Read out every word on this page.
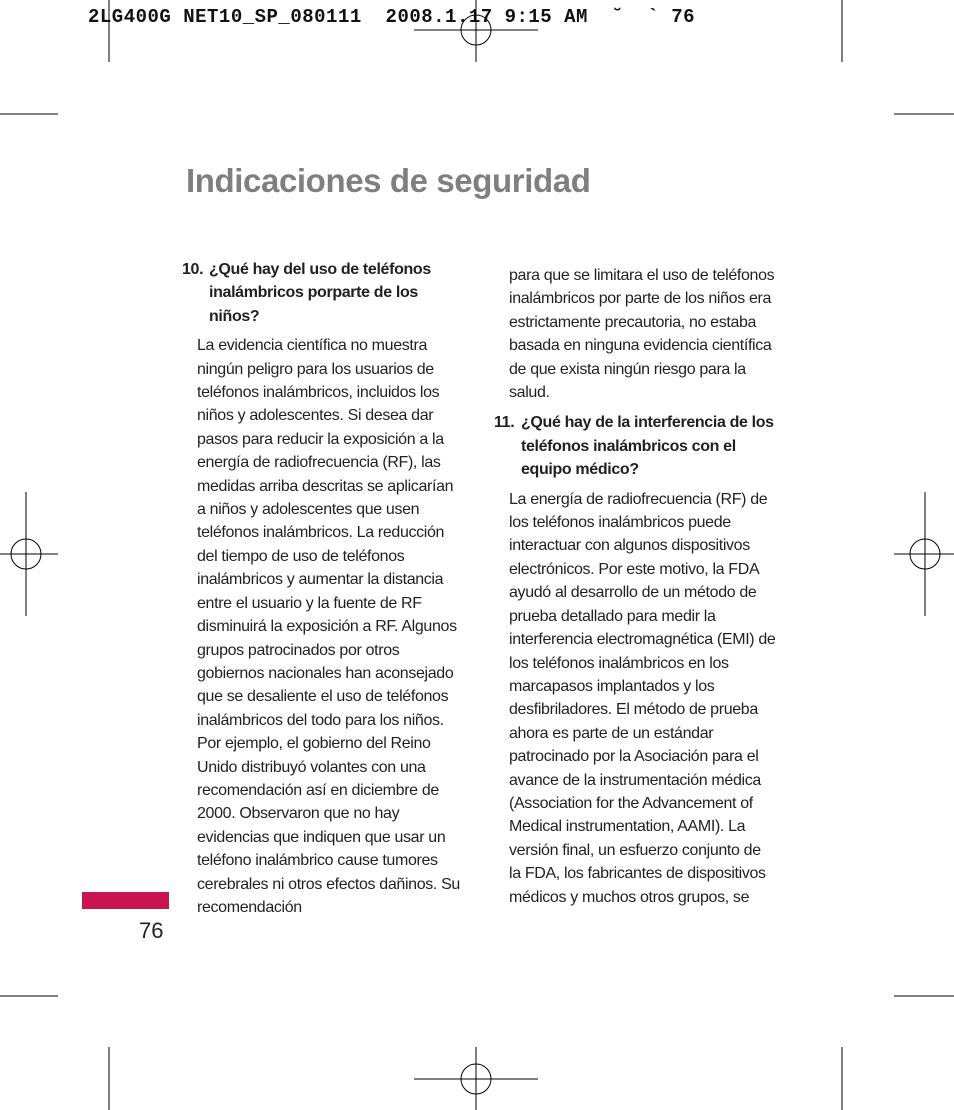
2LG400G NET10_SP_080111  2008.1.17 9:15 AM  ˘  ` 76
Indicaciones de seguridad
10. ¿Qué hay del uso de teléfonos inalámbricos porparte de los niños?

La evidencia científica no muestra ningún peligro para los usuarios de teléfonos inalámbricos, incluidos los niños y adolescentes. Si desea dar pasos para reducir la exposición a la energía de radiofrecuencia (RF), las medidas arriba descritas se aplicarían a niños y adolescentes que usen teléfonos inalámbricos. La reducción del tiempo de uso de teléfonos inalámbricos y aumentar la distancia entre el usuario y la fuente de RF disminuirá la exposición a RF. Algunos grupos patrocinados por otros gobiernos nacionales han aconsejado que se desaliente el uso de teléfonos inalámbricos del todo para los niños. Por ejemplo, el gobierno del Reino Unido distribuyó volantes con una recomendación así en diciembre de 2000. Observaron que no hay evidencias que indiquen que usar un teléfono inalámbrico cause tumores cerebrales ni otros efectos dañinos. Su recomendación

para que se limitara el uso de teléfonos inalámbricos por parte de los niños era estrictamente precautoria, no estaba basada en ninguna evidencia científica de que exista ningún riesgo para la salud.

11. ¿Qué hay de la interferencia de los teléfonos inalámbricos con el equipo médico?

La energía de radiofrecuencia (RF) de los teléfonos inalámbricos puede interactuar con algunos dispositivos electrónicos. Por este motivo, la FDA ayudó al desarrollo de un método de prueba detallado para medir la interferencia electromagnética (EMI) de los teléfonos inalámbricos en los marcapasos implantados y los desfibriladores. El método de prueba ahora es parte de un estándar patrocinado por la Asociación para el avance de la instrumentación médica (Association for the Advancement of Medical instrumentation, AAMI). La versión final, un esfuerzo conjunto de la FDA, los fabricantes de dispositivos médicos y muchos otros grupos, se

76
